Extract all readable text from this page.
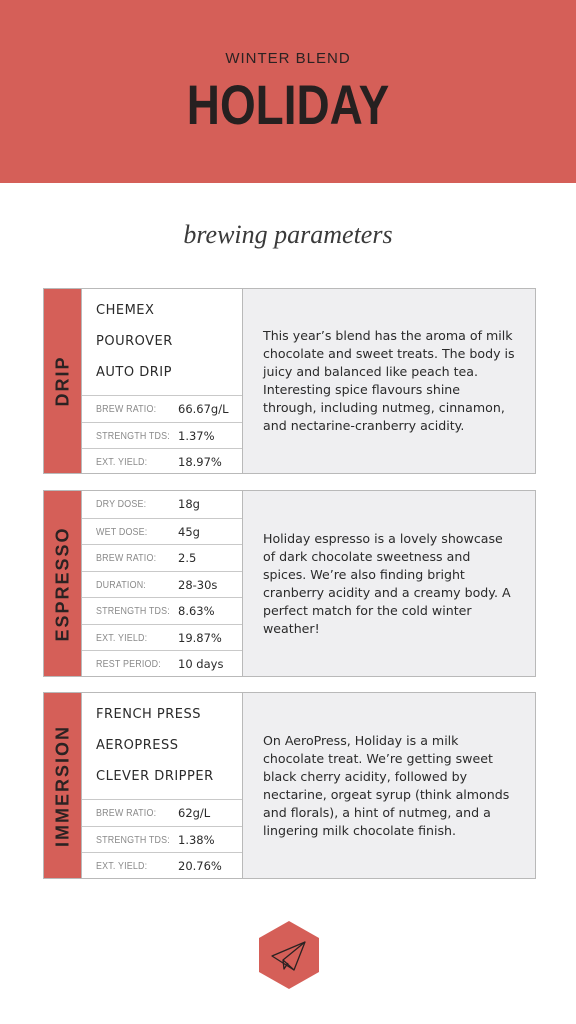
WINTER BLEND
HOLIDAY
brewing parameters
DRIP
CHEMEX
POUROVER
AUTO DRIP
BREW RATIO: 66.67g/L
STRENGTH TDS: 1.37%
EXT. YIELD:	18.97%

This year’s blend has the aroma of milk chocolate and sweet treats. The body is juicy and balanced like peach tea. Interesting spice flavours shine through, including nutmeg, cinnamon, and nectarine-cranberry acidity.

ESPRESSO
DRY DOSE:	18g
WET DOSE:	45g
BREW RATIO: 2.5
DURATION:	28-30s
STRENGTH TDS: 8.63%
EXT. YIELD:	19.87%
REST PERIOD: 10 days

Holiday espresso is a lovely showcase of dark chocolate sweetness and spices. We’re also finding bright cranberry acidity and a creamy body. A perfect match for the cold winter weather!

IMMERSION
FRENCH PRESS
AEROPRESS
CLEVER DRIPPER
BREW RATIO: 62g/L
STRENGTH TDS: 1.38%
EXT. YIELD:	20.76%

On AeroPress, Holiday is a milk chocolate treat. We’re getting sweet black cherry acidity, followed by nectarine, orgeat syrup (think almonds and florals), a hint of nutmeg, and a lingering milk chocolate finish.
